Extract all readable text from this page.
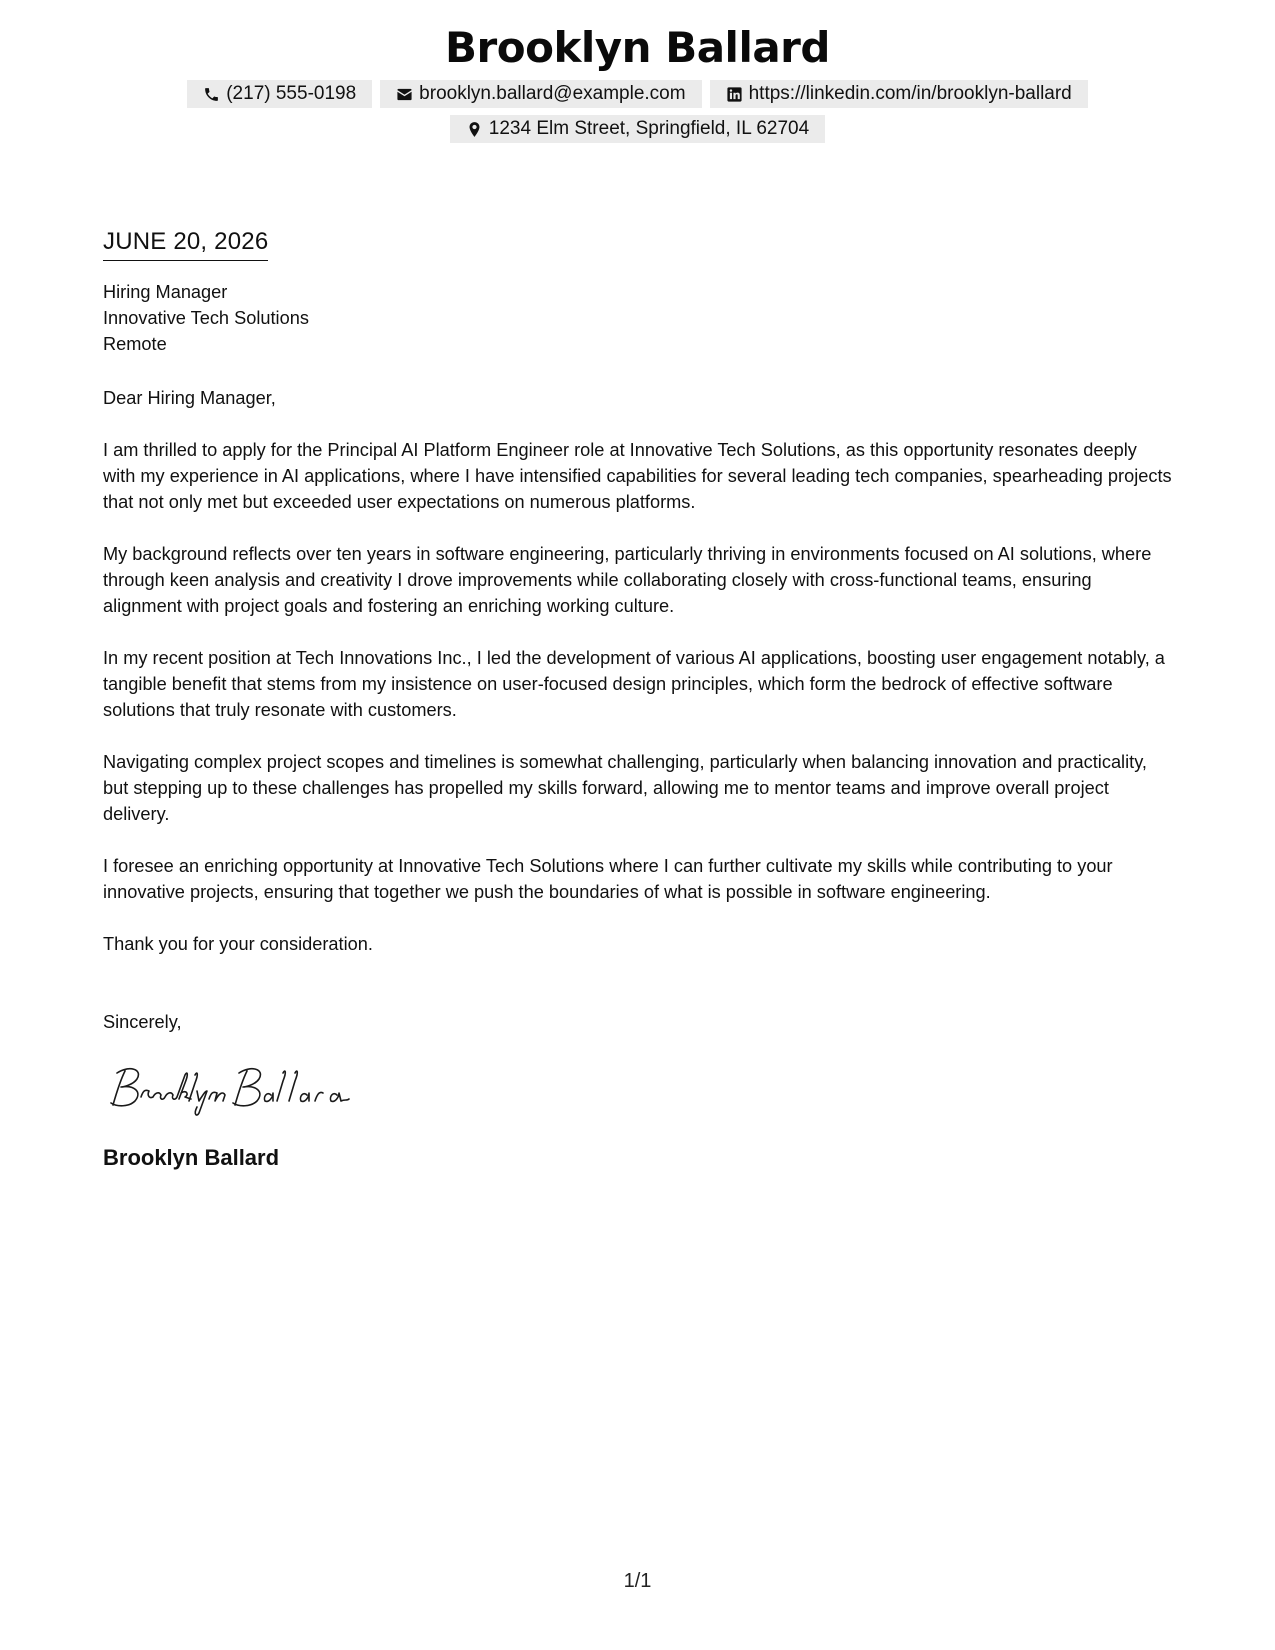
Brooklyn Ballard
(217) 555-0198	brooklyn.ballard@example.com	https://linkedin.com/in/brooklyn-ballard
1234 Elm Street, Springfield, IL 62704
JUNE 20, 2026
Hiring Manager
Innovative Tech Solutions
Remote
Dear Hiring Manager,

I am thrilled to apply for the Principal AI Platform Engineer role at Innovative Tech Solutions, as this opportunity resonates deeply with my experience in AI applications, where I have intensified capabilities for several leading tech companies, spearheading projects that not only met but exceeded user expectations on numerous platforms.

My background reflects over ten years in software engineering, particularly thriving in environments focused on AI solutions, where through keen analysis and creativity I drove improvements while collaborating closely with cross-functional teams, ensuring alignment with project goals and fostering an enriching working culture.

In my recent position at Tech Innovations Inc., I led the development of various AI applications, boosting user engagement notably, a tangible benefit that stems from my insistence on user-focused design principles, which form the bedrock of effective software solutions that truly resonate with customers.

Navigating complex project scopes and timelines is somewhat challenging, particularly when balancing innovation and practicality, but stepping up to these challenges has propelled my skills forward, allowing me to mentor teams and improve overall project delivery.

I foresee an enriching opportunity at Innovative Tech Solutions where I can further cultivate my skills while contributing to your innovative projects, ensuring that together we push the boundaries of what is possible in software engineering.

Thank you for your consideration.

Sincerely,
Brooklyn Ballard
1/1
